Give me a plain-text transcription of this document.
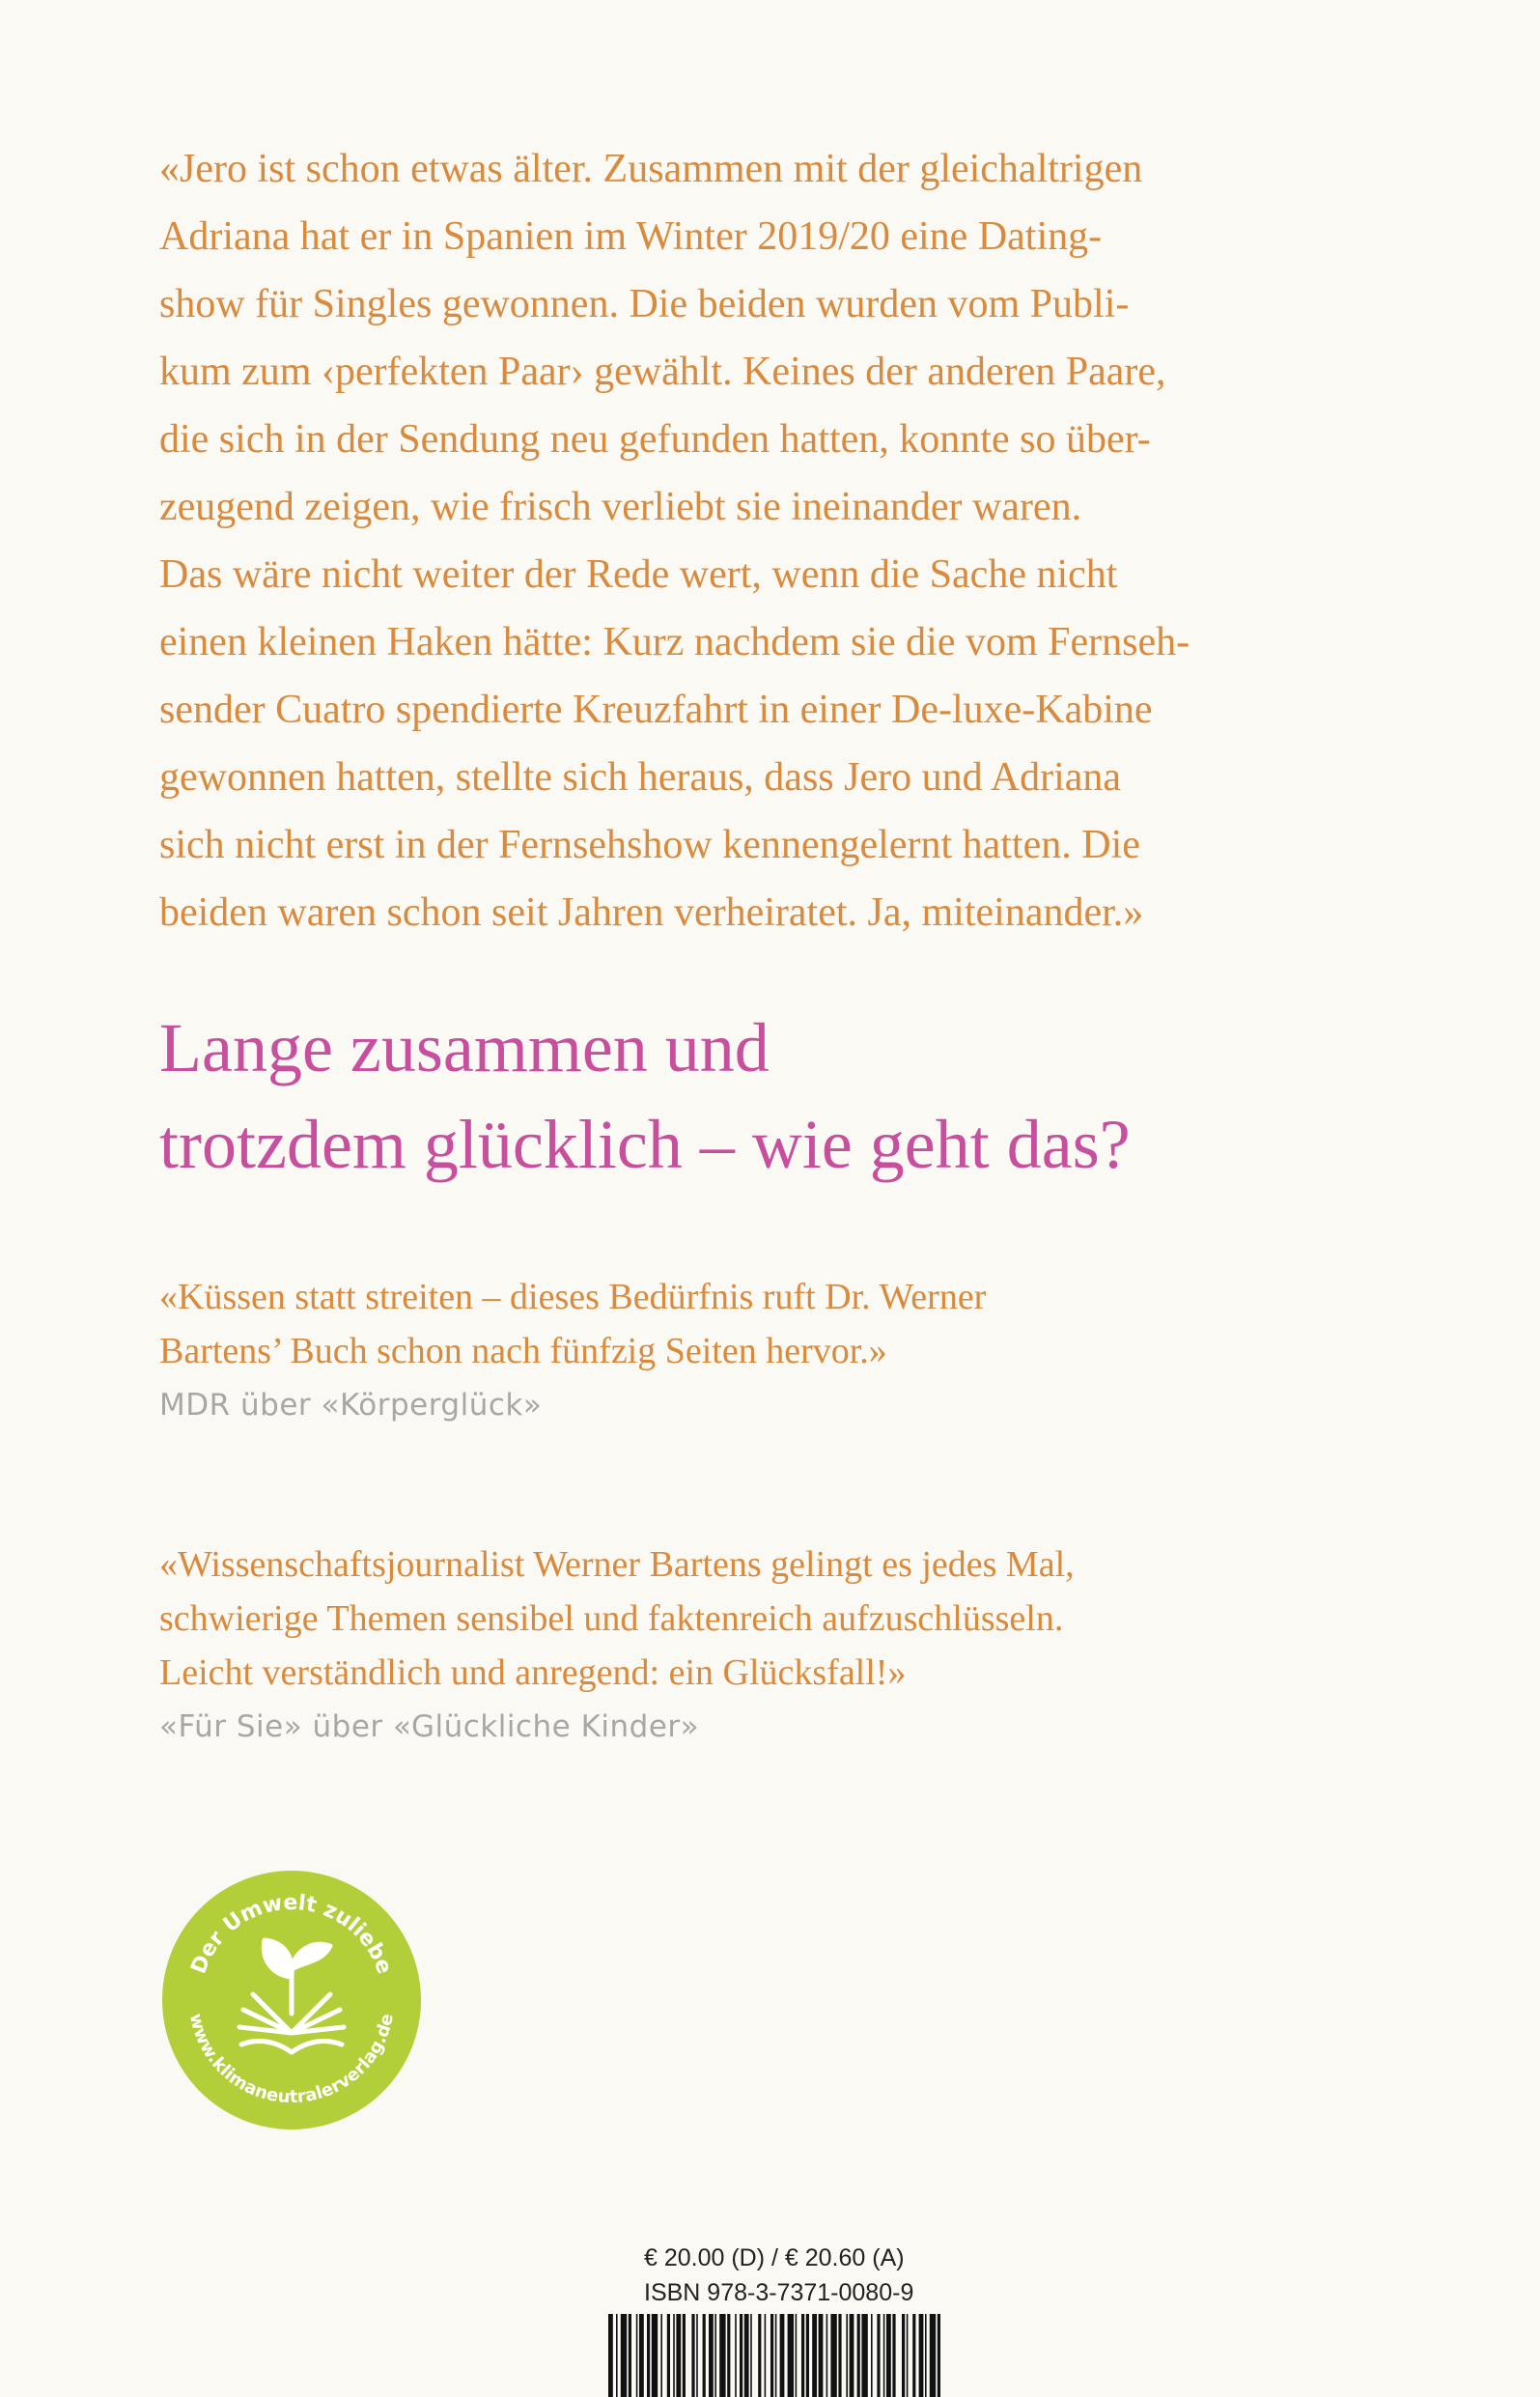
«Jero ist schon etwas älter. Zusammen mit der gleichaltrigen

Adriana hat er in Spanien im Winter 2019/20 eine Dating-

show für Singles gewonnen. Die beiden wurden vom Publi-

kum zum ‹perfekten Paar› gewählt. Keines der anderen Paare,

die sich in der Sendung neu gefunden hatten, konnte so über-

zeugend zeigen, wie frisch verliebt sie ineinander waren.

Das wäre nicht weiter der Rede wert, wenn die Sache nicht

einen kleinen Haken hätte: Kurz nachdem sie die vom Fernseh-

sender Cuatro spendierte Kreuzfahrt in einer De-luxe-Kabine

gewonnen hatten, stellte sich heraus, dass Jero und Adriana

sich nicht erst in der Fernsehshow kennengelernt hatten. Die

beiden waren schon seit Jahren verheiratet. Ja, miteinander.»

Lange zusammen und

trotzdem glücklich – wie geht das?

«Küssen statt streiten – dieses Bedürfnis ruft Dr. Werner

Bartens’ Buch schon nach fünfzig Seiten hervor.»

MDR über «Körperglück»

«Wissenschaftsjournalist Werner Bartens gelingt es jedes Mal,

schwierige Themen sensibel und faktenreich aufzuschlüsseln.

Leicht verständlich und anregend: ein Glücksfall!»

«Für Sie» über «Glückliche Kinder»

Der Umwelt zuliebe
www.klimaneutralerverlag.de
€ 20.00 (D) / € 20.60 (A)
ISBN 978-3-7371-0080-9
